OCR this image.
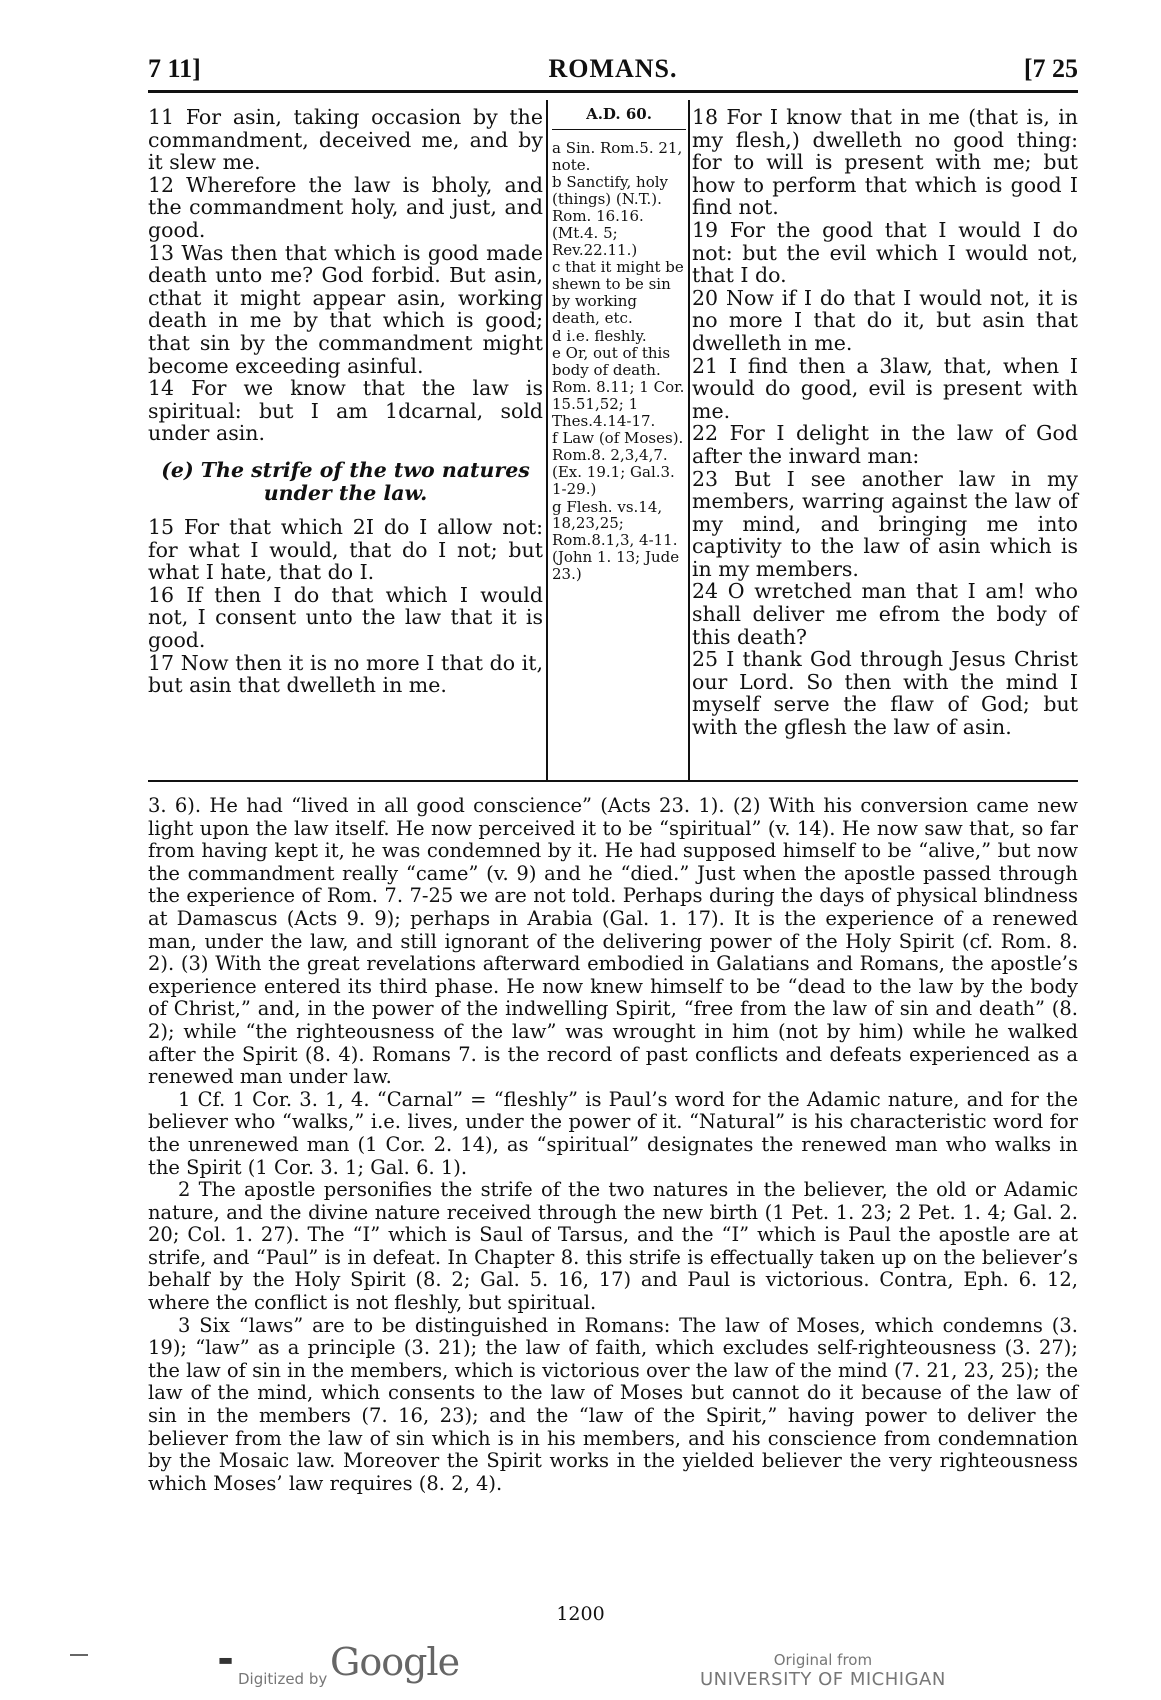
7 11]	ROMANS.	[7 25

11 For asin, taking occasion by the commandment, deceived me, and by it slew me.

12 Wherefore the law is bholy, and the commandment holy, and just, and good.

13 Was then that which is good made death unto me? God forbid. But asin, cthat it might appear asin, working death in me by that which is good; that sin by the commandment might become exceeding asinful.

14 For we know that the law is spiritual: but I am 1dcarnal, sold under asin.

(e) The strife of the two natures under the law.

15 For that which 2I do I allow not: for what I would, that do I not; but what I hate, that do I.

16 If then I do that which I would not, I consent unto the law that it is good.

17 Now then it is no more I that do it, but asin that dwelleth in me.

A.D. 60.
a Sin. Rom.5. 21, note.
b Sanctify, holy (things) (N.T.). Rom. 16.16. (Mt.4. 5; Rev.22.11.)
c that it might be shewn to be sin by working death, etc.
d i.e. fleshly.
e Or, out of this body of death. Rom. 8.11; 1 Cor. 15.51,52; 1 Thes.4.14-17.
f Law (of Moses). Rom.8. 2,3,4,7. (Ex. 19.1; Gal.3. 1-29.)
g Flesh. vs.14, 18,23,25; Rom.8.1,3, 4-11. (John 1. 13; Jude 23.)

18 For I know that in me (that is, in my flesh,) dwelleth no good thing: for to will is present with me; but how to perform that which is good I find not.

19 For the good that I would I do not: but the evil which I would not, that I do.

20 Now if I do that I would not, it is no more I that do it, but asin that dwelleth in me.

21 I find then a 3law, that, when I would do good, evil is present with me.

22 For I delight in the law of God after the inward man:

23 But I see another law in my members, warring against the law of my mind, and bringing me into captivity to the law of asin which is in my members.

24 O wretched man that I am! who shall deliver me efrom the body of this death?

25 I thank God through Jesus Christ our Lord. So then with the mind I myself serve the flaw of God; but with the gflesh the law of asin.

3. 6). He had “lived in all good conscience” (Acts 23. 1). (2) With his conversion came new light upon the law itself. He now perceived it to be “spiritual” (v. 14). He now saw that, so far from having kept it, he was condemned by it. He had supposed himself to be “alive,” but now the commandment really “came” (v. 9) and he “died.” Just when the apostle passed through the experience of Rom. 7. 7-25 we are not told. Perhaps during the days of physical blindness at Damascus (Acts 9. 9); perhaps in Arabia (Gal. 1. 17). It is the experience of a renewed man, under the law, and still ignorant of the delivering power of the Holy Spirit (cf. Rom. 8. 2). (3) With the great revelations afterward embodied in Galatians and Romans, the apostle’s experience entered its third phase. He now knew himself to be “dead to the law by the body of Christ,” and, in the power of the indwelling Spirit, “free from the law of sin and death” (8. 2); while “the righteousness of the law” was wrought in him (not by him) while he walked after the Spirit (8. 4). Romans 7. is the record of past conflicts and defeats experienced as a renewed man under law.

1 Cf. 1 Cor. 3. 1, 4. “Carnal” = “fleshly” is Paul’s word for the Adamic nature, and for the believer who “walks,” i.e. lives, under the power of it. “Natural” is his characteristic word for the unrenewed man (1 Cor. 2. 14), as “spiritual” designates the renewed man who walks in the Spirit (1 Cor. 3. 1; Gal. 6. 1).

2 The apostle personifies the strife of the two natures in the believer, the old or Adamic nature, and the divine nature received through the new birth (1 Pet. 1. 23; 2 Pet. 1. 4; Gal. 2. 20; Col. 1. 27). The “I” which is Saul of Tarsus, and the “I” which is Paul the apostle are at strife, and “Paul” is in defeat. In Chapter 8. this strife is effectually taken up on the believer’s behalf by the Holy Spirit (8. 2; Gal. 5. 16, 17) and Paul is victorious. Contra, Eph. 6. 12, where the conflict is not fleshly, but spiritual.

3 Six “laws” are to be distinguished in Romans: The law of Moses, which condemns (3. 19); “law” as a principle (3. 21); the law of faith, which excludes self-righteousness (3. 27); the law of sin in the members, which is victorious over the law of the mind (7. 21, 23, 25); the law of the mind, which consents to the law of Moses but cannot do it because of the law of sin in the members (7. 16, 23); and the “law of the Spirit,” having power to deliver the believer from the law of sin which is in his members, and his conscience from condemnation by the Mosaic law. Moreover the Spirit works in the yielded believer the very righteousness which Moses’ law requires (8. 2, 4).

1200
▬
Digitized by Google	Original from
UNIVERSITY OF MICHIGAN
